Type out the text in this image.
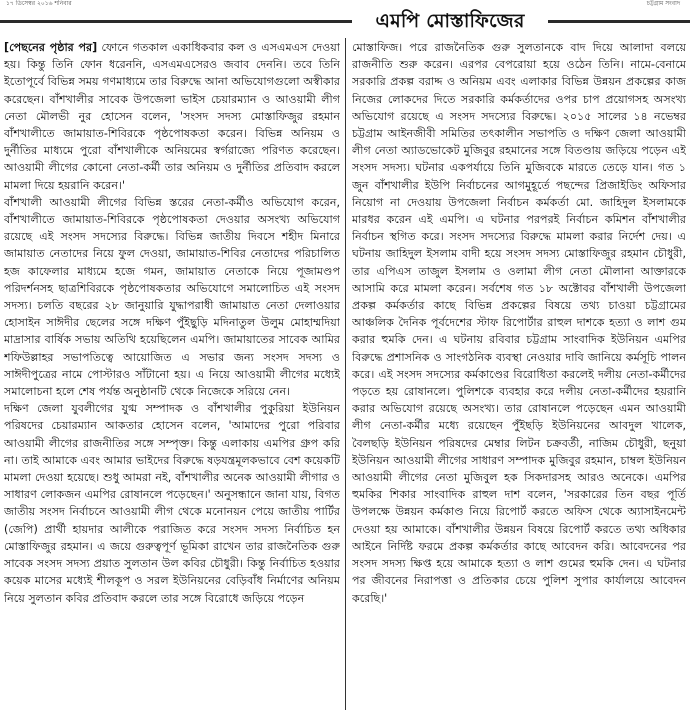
১৭ ডিসেম্বর ২০১৬ শনিবার	চট্টগ্রাম সংবাদ
এমপি মোস্তাফিজের

[পেছনের পৃষ্ঠার পর] ফোনে গতকাল একাধিকবার কল ও এসএমএস দেওয়া হয়। কিন্তু তিনি ফোন ধরেননি, এসএমএসেরও জবাব দেননি। তবে তিনি ইতোপূর্বে বিভিন্ন সময় গণমাধ্যমে তার বিরুদ্ধে আনা অভিযোগগুলো অস্বীকার করেছেন। বাঁশখালীর সাবেক উপজেলা ভাইস চেয়ারম্যান ও আওয়ামী লীগ নেতা মৌলভী নুর হোসেন বলেন, 'সংসদ সদস্য মোস্তাফিজুর রহমান বাঁশখালীতে জামায়াত-শিবিরকে পৃষ্ঠপোষকতা করেন। বিভিন্ন অনিয়ম ও দুর্নীতির মাধ্যমে পুরো বাঁশখালীকে অনিয়মের স্বর্গরাজ্যে পরিণত করেছেন। আওয়ামী লীগের কোনো নেতা-কর্মী তার অনিয়ম ও দুর্নীতির প্রতিবাদ করলে মামলা দিয়ে হয়রানি করেন।'

বাঁশখালী আওয়ামী লীগের বিভিন্ন স্তরের নেতা-কর্মীও অভিযোগ করেন, বাঁশখালীতে জামায়াত-শিবিরকে পৃষ্ঠপোষকতা দেওয়ার অসংখ্য অভিযোগ রয়েছে এই সংসদ সদস্যের বিরুদ্ধে। বিভিন্ন জাতীয় দিবসে শহীদ মিনারে জামায়াত নেতাদের নিয়ে ফুল দেওয়া, জামায়াত-শিবির নেতাদের পরিচালিত হজ কাফেলার মাধ্যমে হজে গমন, জামায়াত নেতাকে নিয়ে পূজামণ্ডপ পরিদর্শনসহ ছাত্রশিবিরকে পৃষ্ঠপোষকতার অভিযোগে সমালোচিত এই সংসদ সদস্য। চলতি বছরের ২৮ জানুয়ারি যুদ্ধাপরাধী জামায়াত নেতা দেলাওয়ার হোসাইন সাঈদীর ছেলের সঙ্গে দক্ষিণ পুঁইছুড়ি মদিনাতুল উলুম মোহাম্মদিয়া মাদ্রাসার বার্ষিক সভায় অতিথি হয়েছিলেন এমপি। জামায়াতের সাবেক আমির শফিউল্লাহর সভাপতিত্বে আয়োজিত এ সভার জন্য সংসদ সদস্য ও সাঈদীপুত্রের নামে পোস্টারও সাঁটানো হয়। এ নিয়ে আওয়ামী লীগের মধ্যেই সমালোচনা হলে শেষ পর্যন্ত অনুষ্ঠানটি থেকে নিজেকে সরিয়ে নেন।

দক্ষিণ জেলা যুবলীগের যুগ্ম সম্পাদক ও বাঁশখালীর পুকুরিয়া ইউনিয়ন পরিষদের চেয়ারম্যান আকতার হোসেন বলেন, 'আমাদের পুরো পরিবার আওয়ামী লীগের রাজনীতির সঙ্গে সম্পৃক্ত। কিন্তু এলাকায় এমপির গ্রুপ করি না। তাই আমাকে এবং আমার ভাইদের বিরুদ্ধে ষড়যন্ত্রমূলকভাবে বেশ কয়েকটি মামলা দেওয়া হয়েছে। শুধু আমরা নই, বাঁশখালীর অনেক আওয়ামী লীগার ও সাধারণ লোকজন এমপির রোষানলে পড়েছেন।' অনুসন্ধানে জানা যায়, বিগত জাতীয় সংসদ নির্বাচনে আওয়ামী লীগ থেকে মনোনয়ন পেয়ে জাতীয় পার্টির (জেপি) প্রার্থী হায়দার আলীকে পরাজিত করে সংসদ সদস্য নির্বাচিত হন মোস্তাফিজুর রহমান। এ জয়ে গুরুত্বপূর্ণ ভূমিকা রাখেন তার রাজনৈতিক গুরু সাবেক সংসদ সদস্য প্রয়াত সুলতান উল কবির চৌধুরী। কিন্তু নির্বাচিত হওয়ার কয়েক মাসের মধ্যেই শীলকূপ ও সরল ইউনিয়নের বেড়িবাঁধ নির্মাণের অনিয়ম নিয়ে সুলতান কবির প্রতিবাদ করলে তার সঙ্গে বিরোধে জড়িয়ে পড়েন

মোস্তাফিজ। পরে রাজনৈতিক গুরু সুলতানকে বাদ দিয়ে আলাদা বলয়ে রাজনীতি শুরু করেন। এরপর বেপরোয়া হয়ে ওঠেন তিনি। নামে-বেনামে সরকারি প্রকল্প বরাদ্দ ও অনিয়ম এবং এলাকার বিভিন্ন উন্নয়ন প্রকল্পের কাজ নিজের লোকদের দিতে সরকারি কর্মকর্তাদের ওপর চাপ প্রয়োগসহ অসংখ্য অভিযোগ রয়েছে এ সংসদ সদস্যের বিরুদ্ধে। ২০১৫ সালের ১৪ নভেম্বর চট্টগ্রাম আইনজীবী সমিতির তৎকালীন সভাপতি ও দক্ষিণ জেলা আওয়ামী লীগ নেতা অ্যাডভোকেট মুজিবুর রহমানের সঙ্গে বিতণ্ডায় জড়িয়ে পড়েন এই সংসদ সদস্য। ঘটনার একপর্যায়ে তিনি মুজিবকে মারতে তেড়ে যান। গত ১ জুন বাঁশখালীর ইউপি নির্বাচনের আগমুহূর্তে পছন্দের প্রিজাইডিং অফিসার নিয়োগ না দেওয়ায় উপজেলা নির্বাচন কর্মকর্তা মো. জাহিদুল ইসলামকে মারধর করেন এই এমপি। এ ঘটনার পরপরই নির্বাচন কমিশন বাঁশখালীর নির্বাচন স্থগিত করে। সংসদ সদস্যের বিরুদ্ধে মামলা করার নির্দেশ দেয়। এ ঘটনায় জাহিদুল ইসলাম বাদী হয়ে সংসদ সদস্য মোস্তাফিজুর রহমান চৌধুরী, তার এপিএস তাজুল ইসলাম ও ওলামা লীগ নেতা মৌলানা আক্তারকে আসামি করে মামলা করেন। সর্বশেষ গত ১৮ অক্টোবর বাঁশখালী উপজেলা প্রকল্প কর্মকর্তার কাছে বিভিন্ন প্রকল্পের বিষয়ে তথ্য চাওয়া চট্টগ্রামের আঞ্চলিক দৈনিক পূর্বদেশের স্টাফ রিপোর্টার রাহুল দাশকে হত্যা ও লাশ গুম করার হুমকি দেন। এ ঘটনায় রবিবার চট্টগ্রাম সাংবাদিক ইউনিয়ন এমপির বিরুদ্ধে প্রশাসনিক ও সাংগঠনিক ব্যবস্থা নেওয়ার দাবি জানিয়ে কর্মসূচি পালন করে। এই সংসদ সদস্যের কর্মকাণ্ডের বিরোধিতা করলেই দলীয় নেতা-কর্মীদের পড়তে হয় রোষানলে। পুলিশকে ব্যবহার করে দলীয় নেতা-কর্মীদের হয়রানি করার অভিযোগ রয়েছে অসংখ্য। তার রোষানলে পড়েছেন এমন আওয়ামী লীগ নেতা-কর্মীর মধ্যে রয়েছেন পুঁইছড়ি ইউনিয়নের আবদুল খালেক, বৈলছড়ি ইউনিয়ন পরিষদের মেম্বার লিটন চক্রবর্তী, নাজিম চৌধুরী, ছনুয়া ইউনিয়ন আওয়ামী লীগের সাধারণ সম্পাদক মুজিবুর রহমান, চাম্বল ইউনিয়ন আওয়ামী লীগের নেতা মুজিবুল হক সিকদারসহ আরও অনেকে। এমপির হুমকির শিকার সাংবাদিক রাহুল দাশ বলেন, 'সরকারের তিন বছর পূর্তি উপলক্ষে উন্নয়ন কর্মকাণ্ড নিয়ে রিপোর্ট করতে অফিস থেকে অ্যাসাইনমেন্ট দেওয়া হয় আমাকে। বাঁশখালীর উন্নয়ন বিষয়ে রিপোর্ট করতে তথ্য অধিকার আইনে নির্দিষ্ট ফরমে প্রকল্প কর্মকর্তার কাছে আবেদন করি। আবেদনের পর সংসদ সদস্য ক্ষিপ্ত হয়ে আমাকে হত্যা ও লাশ গুমের হুমকি দেন। এ ঘটনার পর জীবনের নিরাপত্তা ও প্রতিকার চেয়ে পুলিশ সুপার কার্যালয়ে আবেদন করেছি।'
